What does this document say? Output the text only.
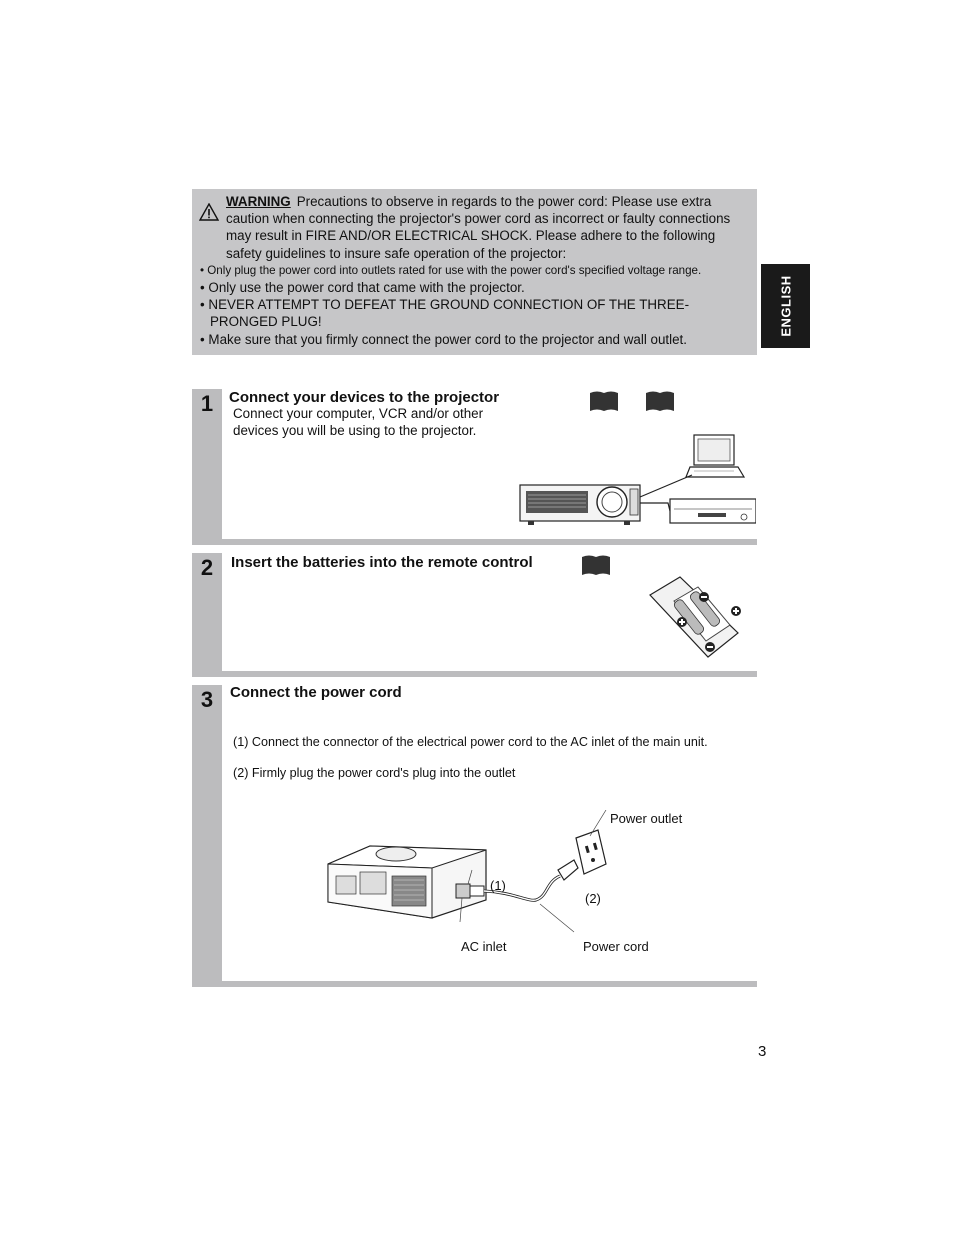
WARNING Precautions to observe in regards to the power cord: Please use extra caution when connecting the projector's power cord as incorrect or faulty connections may result in FIRE AND/OR ELECTRICAL SHOCK. Please adhere to the following safety guidelines to insure safe operation of the projector:
• Only plug the power cord into outlets rated for use with the power cord's specified voltage range.
• Only use the power cord that came with the projector.
• NEVER ATTEMPT TO DEFEAT THE GROUND CONNECTION OF THE THREE-PRONGED PLUG!
• Make sure that you firmly connect the power cord to the projector and wall outlet.
ENGLISH
1	Connect your devices to the projector
Connect your computer, VCR and/or other devices you will be using to the projector.
2	Insert the batteries into the remote control
3	Connect the power cord
(1) Connect the connector of the electrical power cord to the AC inlet of the main unit.
(2) Firmly plug the power cord's plug into the outlet
Power outlet
(1)
(2)
AC inlet	Power cord
3
